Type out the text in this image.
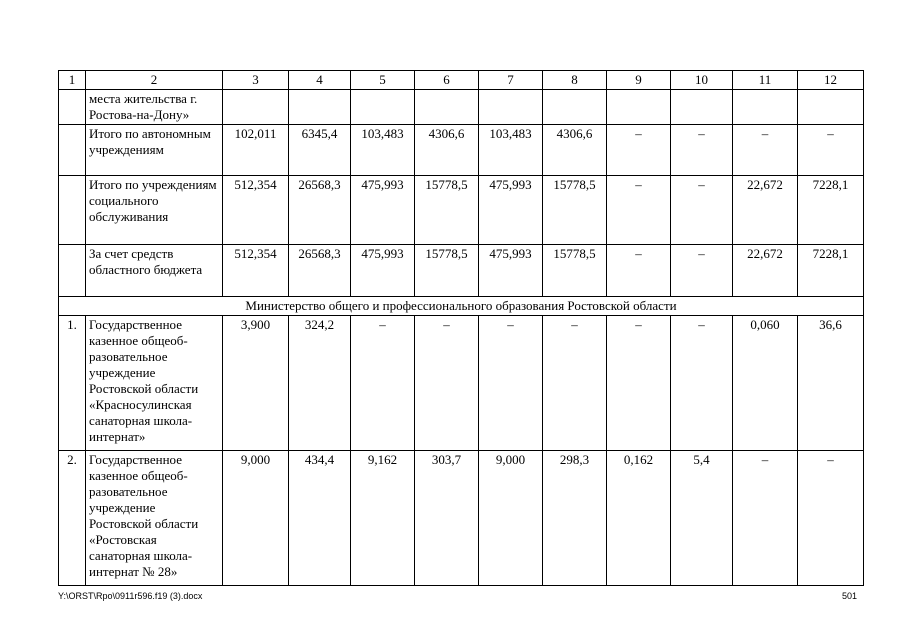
1	2	3	4	5	6	7	8	9	10	11	12
	места жительства г. Ростова-на-Дону»										
	Итого по автономным учреждениям	102,011	6345,4	103,483	4306,6	103,483	4306,6	–	–	–	–
	Итого по учреждениям социального обслуживания	512,354	26568,3	475,993	15778,5	475,993	15778,5	–	–	22,672	7228,1
	За счет средств областного бюджета	512,354	26568,3	475,993	15778,5	475,993	15778,5	–	–	22,672	7228,1
Министерство общего и профессионального образования Ростовской области											
1.	Государственное казенное общеоб-разовательное учреждение Ростовской области «Красносулинская санаторная школа-интернат»	3,900	324,2	–	–	–	–	–	–	0,060	36,6
2.	Государственное казенное общеоб-разовательное учреждение Ростовской области «Ростовская санаторная школа-интернат № 28»	9,000	434,4	9,162	303,7	9,000	298,3	0,162	5,4	–	–
Y:\ORST\Rpo\0911r596.f19 (3).docx	501
